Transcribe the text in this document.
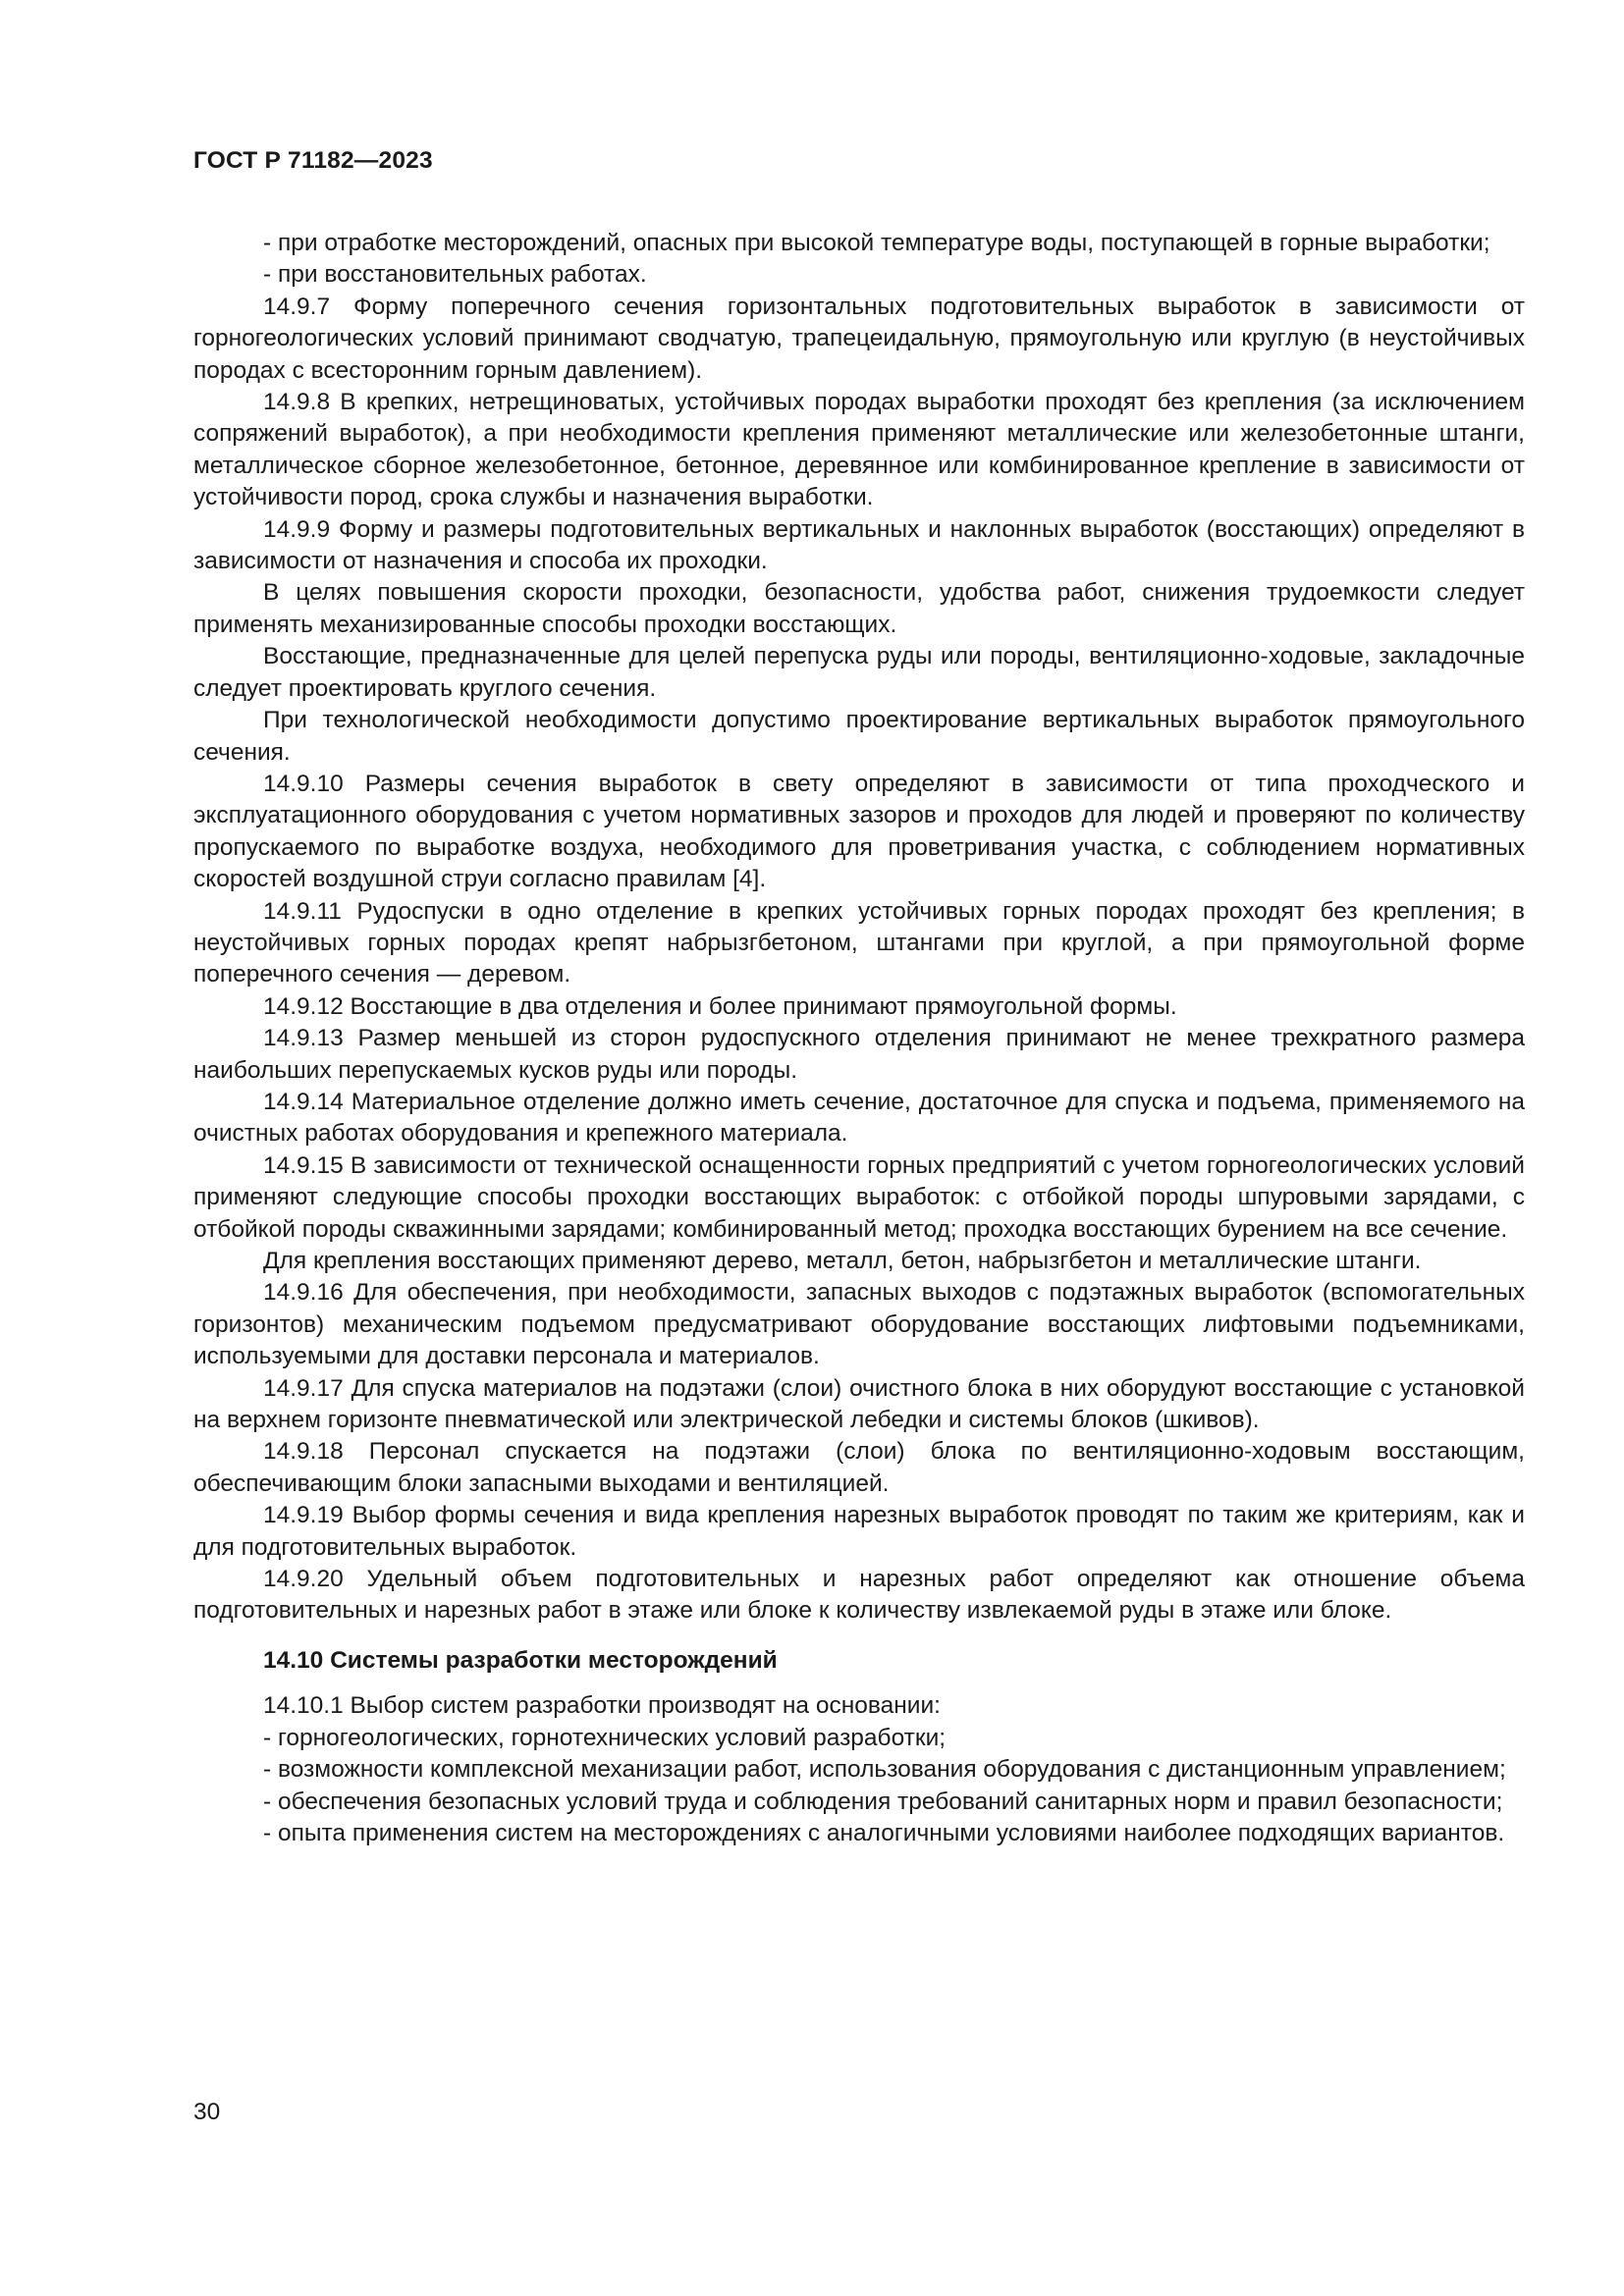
ГОСТ Р 71182—2023

- при отработке месторождений, опасных при высокой температуре воды, поступающей в горные выработки;

- при восстановительных работах.

14.9.7 Форму поперечного сечения горизонтальных подготовительных выработок в зависимости от горногеологических условий принимают сводчатую, трапецеидальную, прямоугольную или круглую (в неустойчивых породах с всесторонним горным давлением).

14.9.8 В крепких, нетрещиноватых, устойчивых породах выработки проходят без крепления (за исключением сопряжений выработок), а при необходимости крепления применяют металлические или железобетонные штанги, металлическое сборное железобетонное, бетонное, деревянное или комбинированное крепление в зависимости от устойчивости пород, срока службы и назначения выработки.

14.9.9 Форму и размеры подготовительных вертикальных и наклонных выработок (восстающих) определяют в зависимости от назначения и способа их проходки.

В целях повышения скорости проходки, безопасности, удобства работ, снижения трудоемкости следует применять механизированные способы проходки восстающих.

Восстающие, предназначенные для целей перепуска руды или породы, вентиляционно-ходовые, закладочные следует проектировать круглого сечения.

При технологической необходимости допустимо проектирование вертикальных выработок прямоугольного сечения.

14.9.10 Размеры сечения выработок в свету определяют в зависимости от типа проходческого и эксплуатационного оборудования с учетом нормативных зазоров и проходов для людей и проверяют по количеству пропускаемого по выработке воздуха, необходимого для проветривания участка, с соблюдением нормативных скоростей воздушной струи согласно правилам [4].

14.9.11 Рудоспуски в одно отделение в крепких устойчивых горных породах проходят без крепления; в неустойчивых горных породах крепят набрызгбетоном, штангами при круглой, а при прямоугольной форме поперечного сечения — деревом.

14.9.12 Восстающие в два отделения и более принимают прямоугольной формы.

14.9.13 Размер меньшей из сторон рудоспускного отделения принимают не менее трехкратного размера наибольших перепускаемых кусков руды или породы.

14.9.14 Материальное отделение должно иметь сечение, достаточное для спуска и подъема, применяемого на очистных работах оборудования и крепежного материала.

14.9.15 В зависимости от технической оснащенности горных предприятий с учетом горногеологических условий применяют следующие способы проходки восстающих выработок: с отбойкой породы шпуровыми зарядами, с отбойкой породы скважинными зарядами; комбинированный метод; проходка восстающих бурением на все сечение.

Для крепления восстающих применяют дерево, металл, бетон, набрызгбетон и металлические штанги.

14.9.16 Для обеспечения, при необходимости, запасных выходов с подэтажных выработок (вспомогательных горизонтов) механическим подъемом предусматривают оборудование восстающих лифтовыми подъемниками, используемыми для доставки персонала и материалов.

14.9.17 Для спуска материалов на подэтажи (слои) очистного блока в них оборудуют восстающие с установкой на верхнем горизонте пневматической или электрической лебедки и системы блоков (шкивов).

14.9.18 Персонал спускается на подэтажи (слои) блока по вентиляционно-ходовым восстающим, обеспечивающим блоки запасными выходами и вентиляцией.

14.9.19 Выбор формы сечения и вида крепления нарезных выработок проводят по таким же критериям, как и для подготовительных выработок.

14.9.20 Удельный объем подготовительных и нарезных работ определяют как отношение объема подготовительных и нарезных работ в этаже или блоке к количеству извлекаемой руды в этаже или блоке.

14.10 Системы разработки месторождений

14.10.1 Выбор систем разработки производят на основании:

- горногеологических, горнотехнических условий разработки;

- возможности комплексной механизации работ, использования оборудования с дистанционным управлением;

- обеспечения безопасных условий труда и соблюдения требований санитарных норм и правил безопасности;

- опыта применения систем на месторождениях с аналогичными условиями наиболее подходящих вариантов.

30
